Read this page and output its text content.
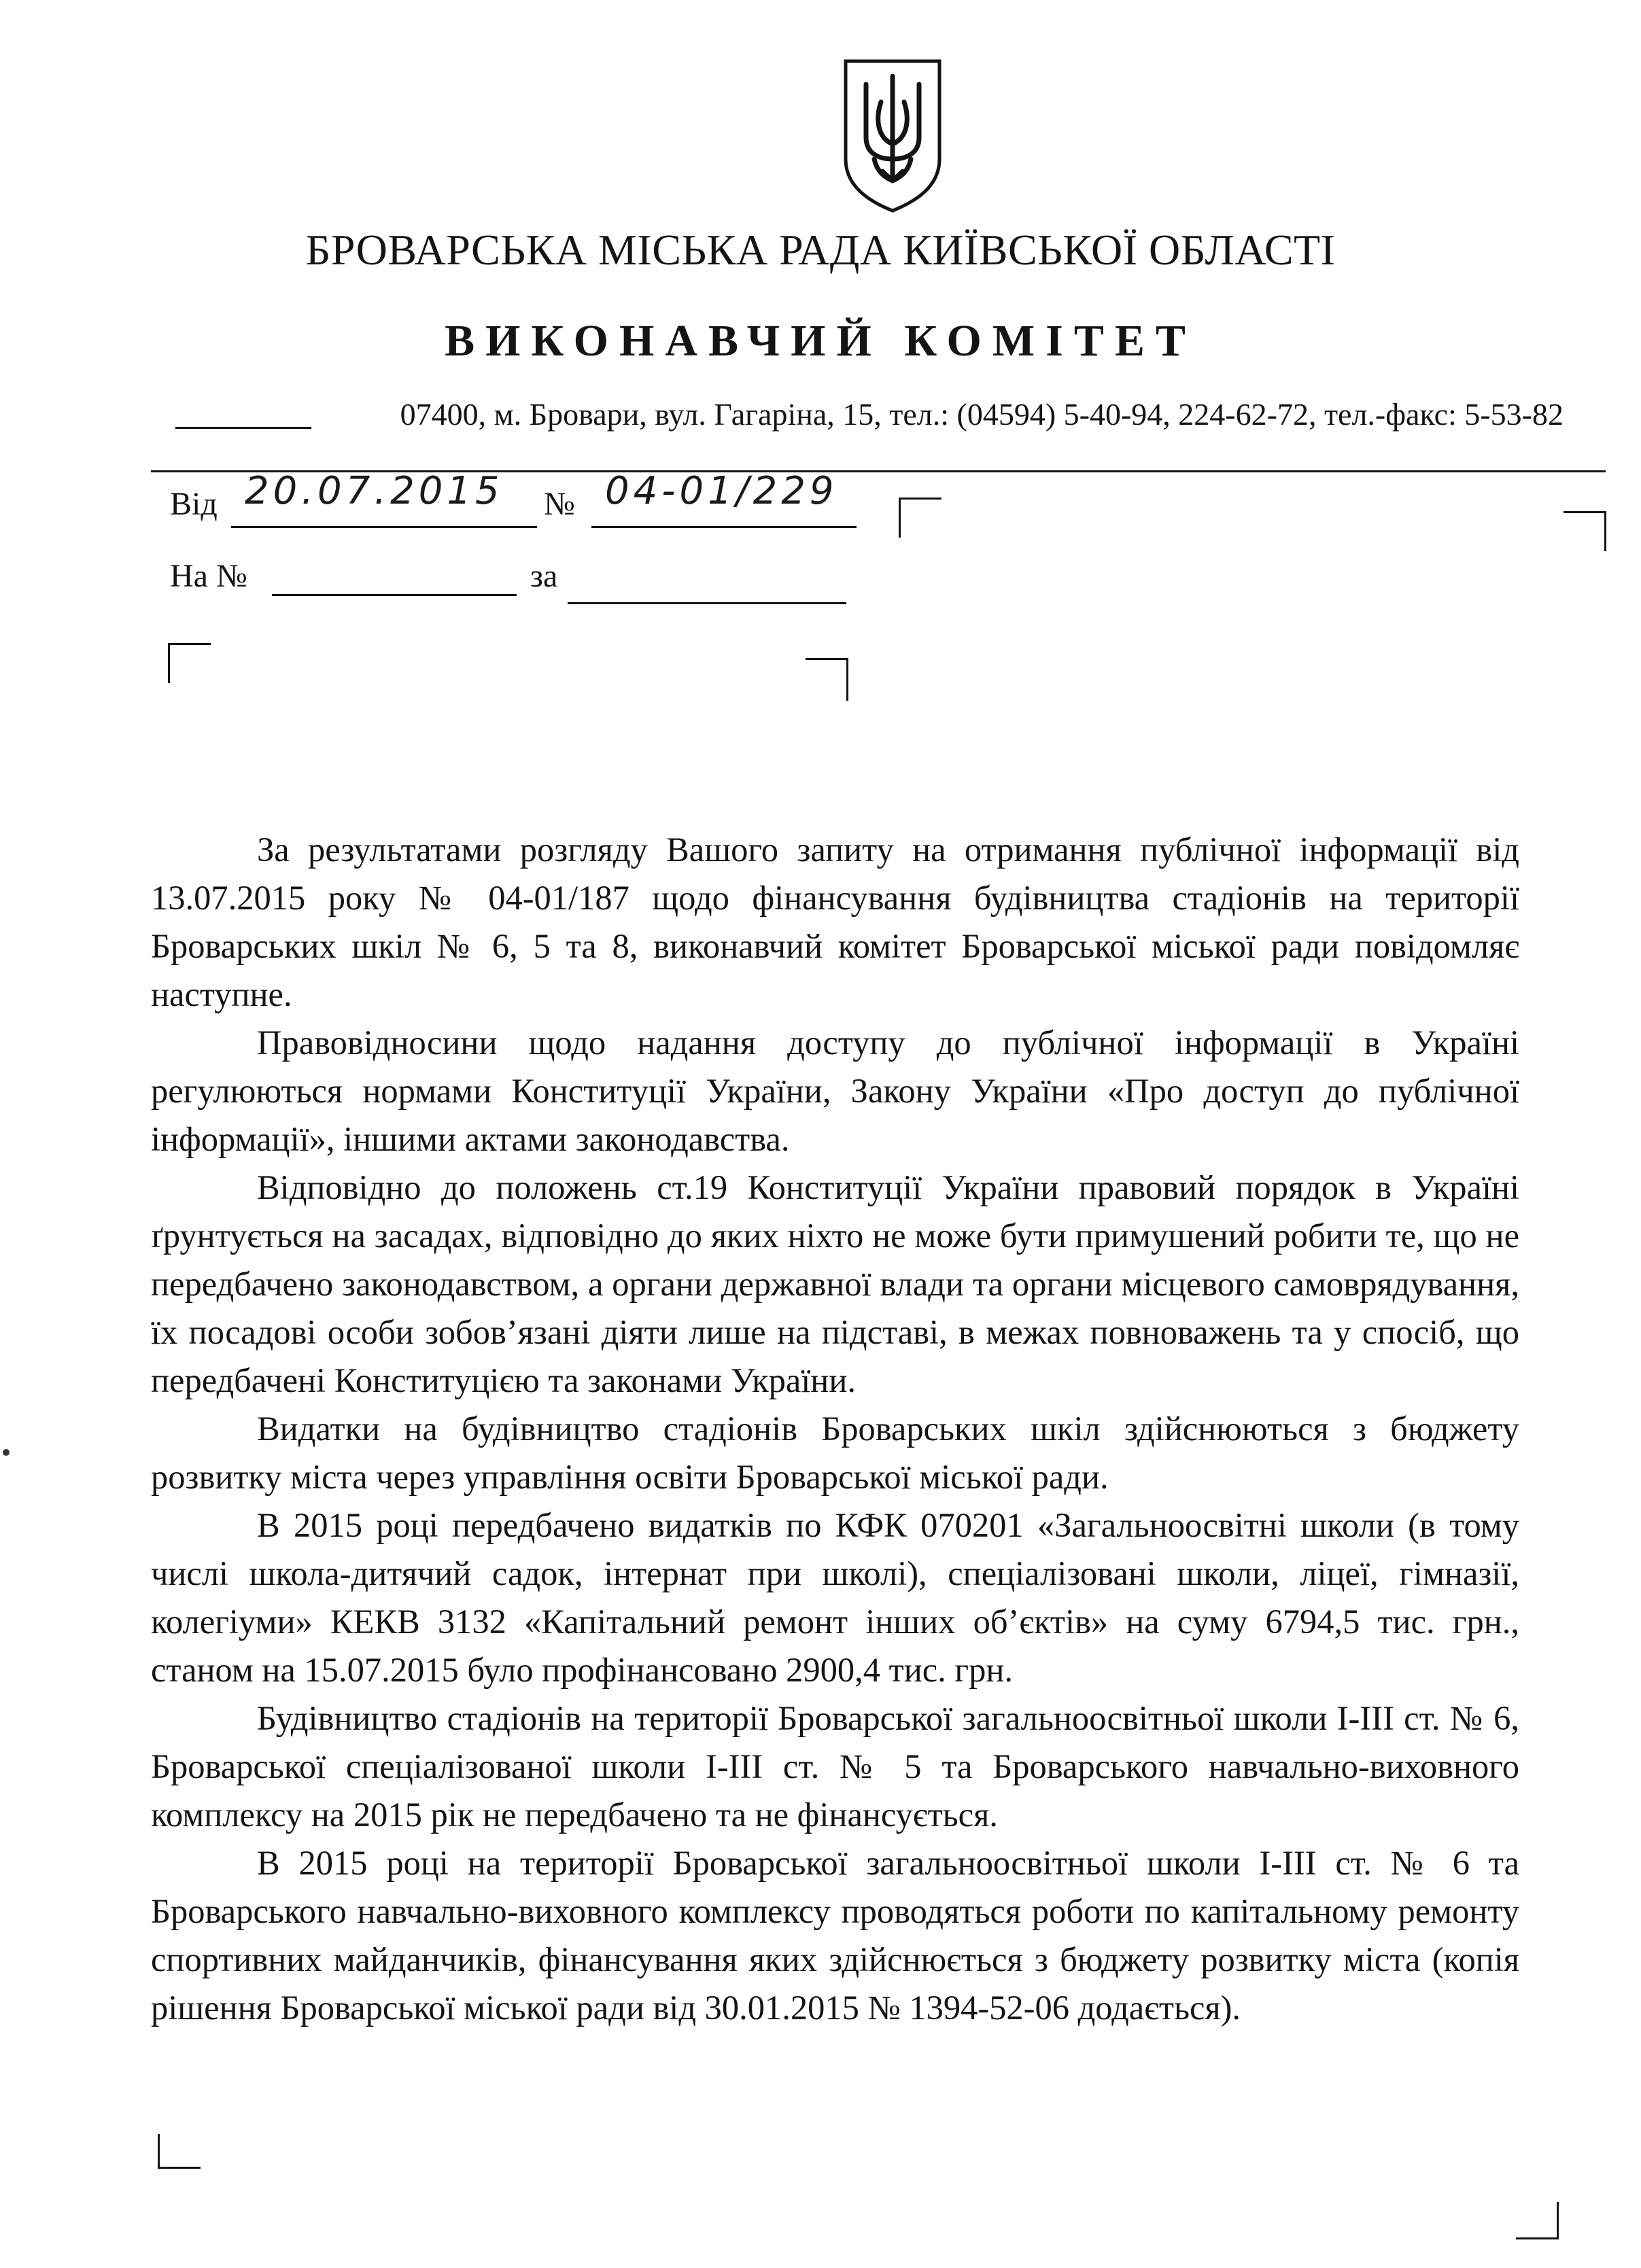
БРОВАРСЬКА МІСЬКА РАДА КИЇВСЬКОЇ ОБЛАСТІ
ВИКОНАВЧИЙ КОМІТЕТ
07400, м. Бровари, вул. Гагаріна, 15, тел.: (04594) 5-40-94, 224-62-72, тел.-факс: 5-53-82
Від 20.07.2015 № 04-01/229
На №	за

За результатами розгляду Вашого запиту на отримання публічної інформації від 13.07.2015 року № 04-01/187 щодо фінансування будівництва стадіонів на території Броварських шкіл № 6, 5 та 8, виконавчий комітет Броварської міської ради повідомляє наступне.

Правовідносини щодо надання доступу до публічної інформації в Україні регулюються нормами Конституції України, Закону України «Про доступ до публічної інформації», іншими актами законодавства.

Відповідно до положень ст.19 Конституції України правовий порядок в Україні ґрунтується на засадах, відповідно до яких ніхто не може бути примушений робити те, що не передбачено законодавством, а органи державної влади та органи місцевого самоврядування, їх посадові особи зобов’язані діяти лише на підставі, в межах повноважень та у спосіб, що передбачені Конституцією та законами України.

Видатки на будівництво стадіонів Броварських шкіл здійснюються з бюджету розвитку міста через управління освіти Броварської міської ради.

В 2015 році передбачено видатків по КФК 070201 «Загальноосвітні школи (в тому числі школа-дитячий садок, інтернат при школі), спеціалізовані школи, ліцеї, гімназії, колегіуми» КЕКВ 3132 «Капітальний ремонт інших об’єктів» на суму 6794,5 тис. грн., станом на 15.07.2015 було профінансовано 2900,4 тис. грн.

Будівництво стадіонів на території Броварської загальноосвітньої школи І-ІІІ ст. № 6, Броварської спеціалізованої школи І-ІІІ ст. № 5 та Броварського навчально-виховного комплексу на 2015 рік не передбачено та не фінансується.

В 2015 році на території Броварської загальноосвітньої школи І-ІІІ ст. № 6 та Броварського навчально-виховного комплексу проводяться роботи по капітальному ремонту спортивних майданчиків, фінансування яких здійснюється з бюджету розвитку міста (копія рішення Броварської міської ради від 30.01.2015 № 1394-52-06 додається).
